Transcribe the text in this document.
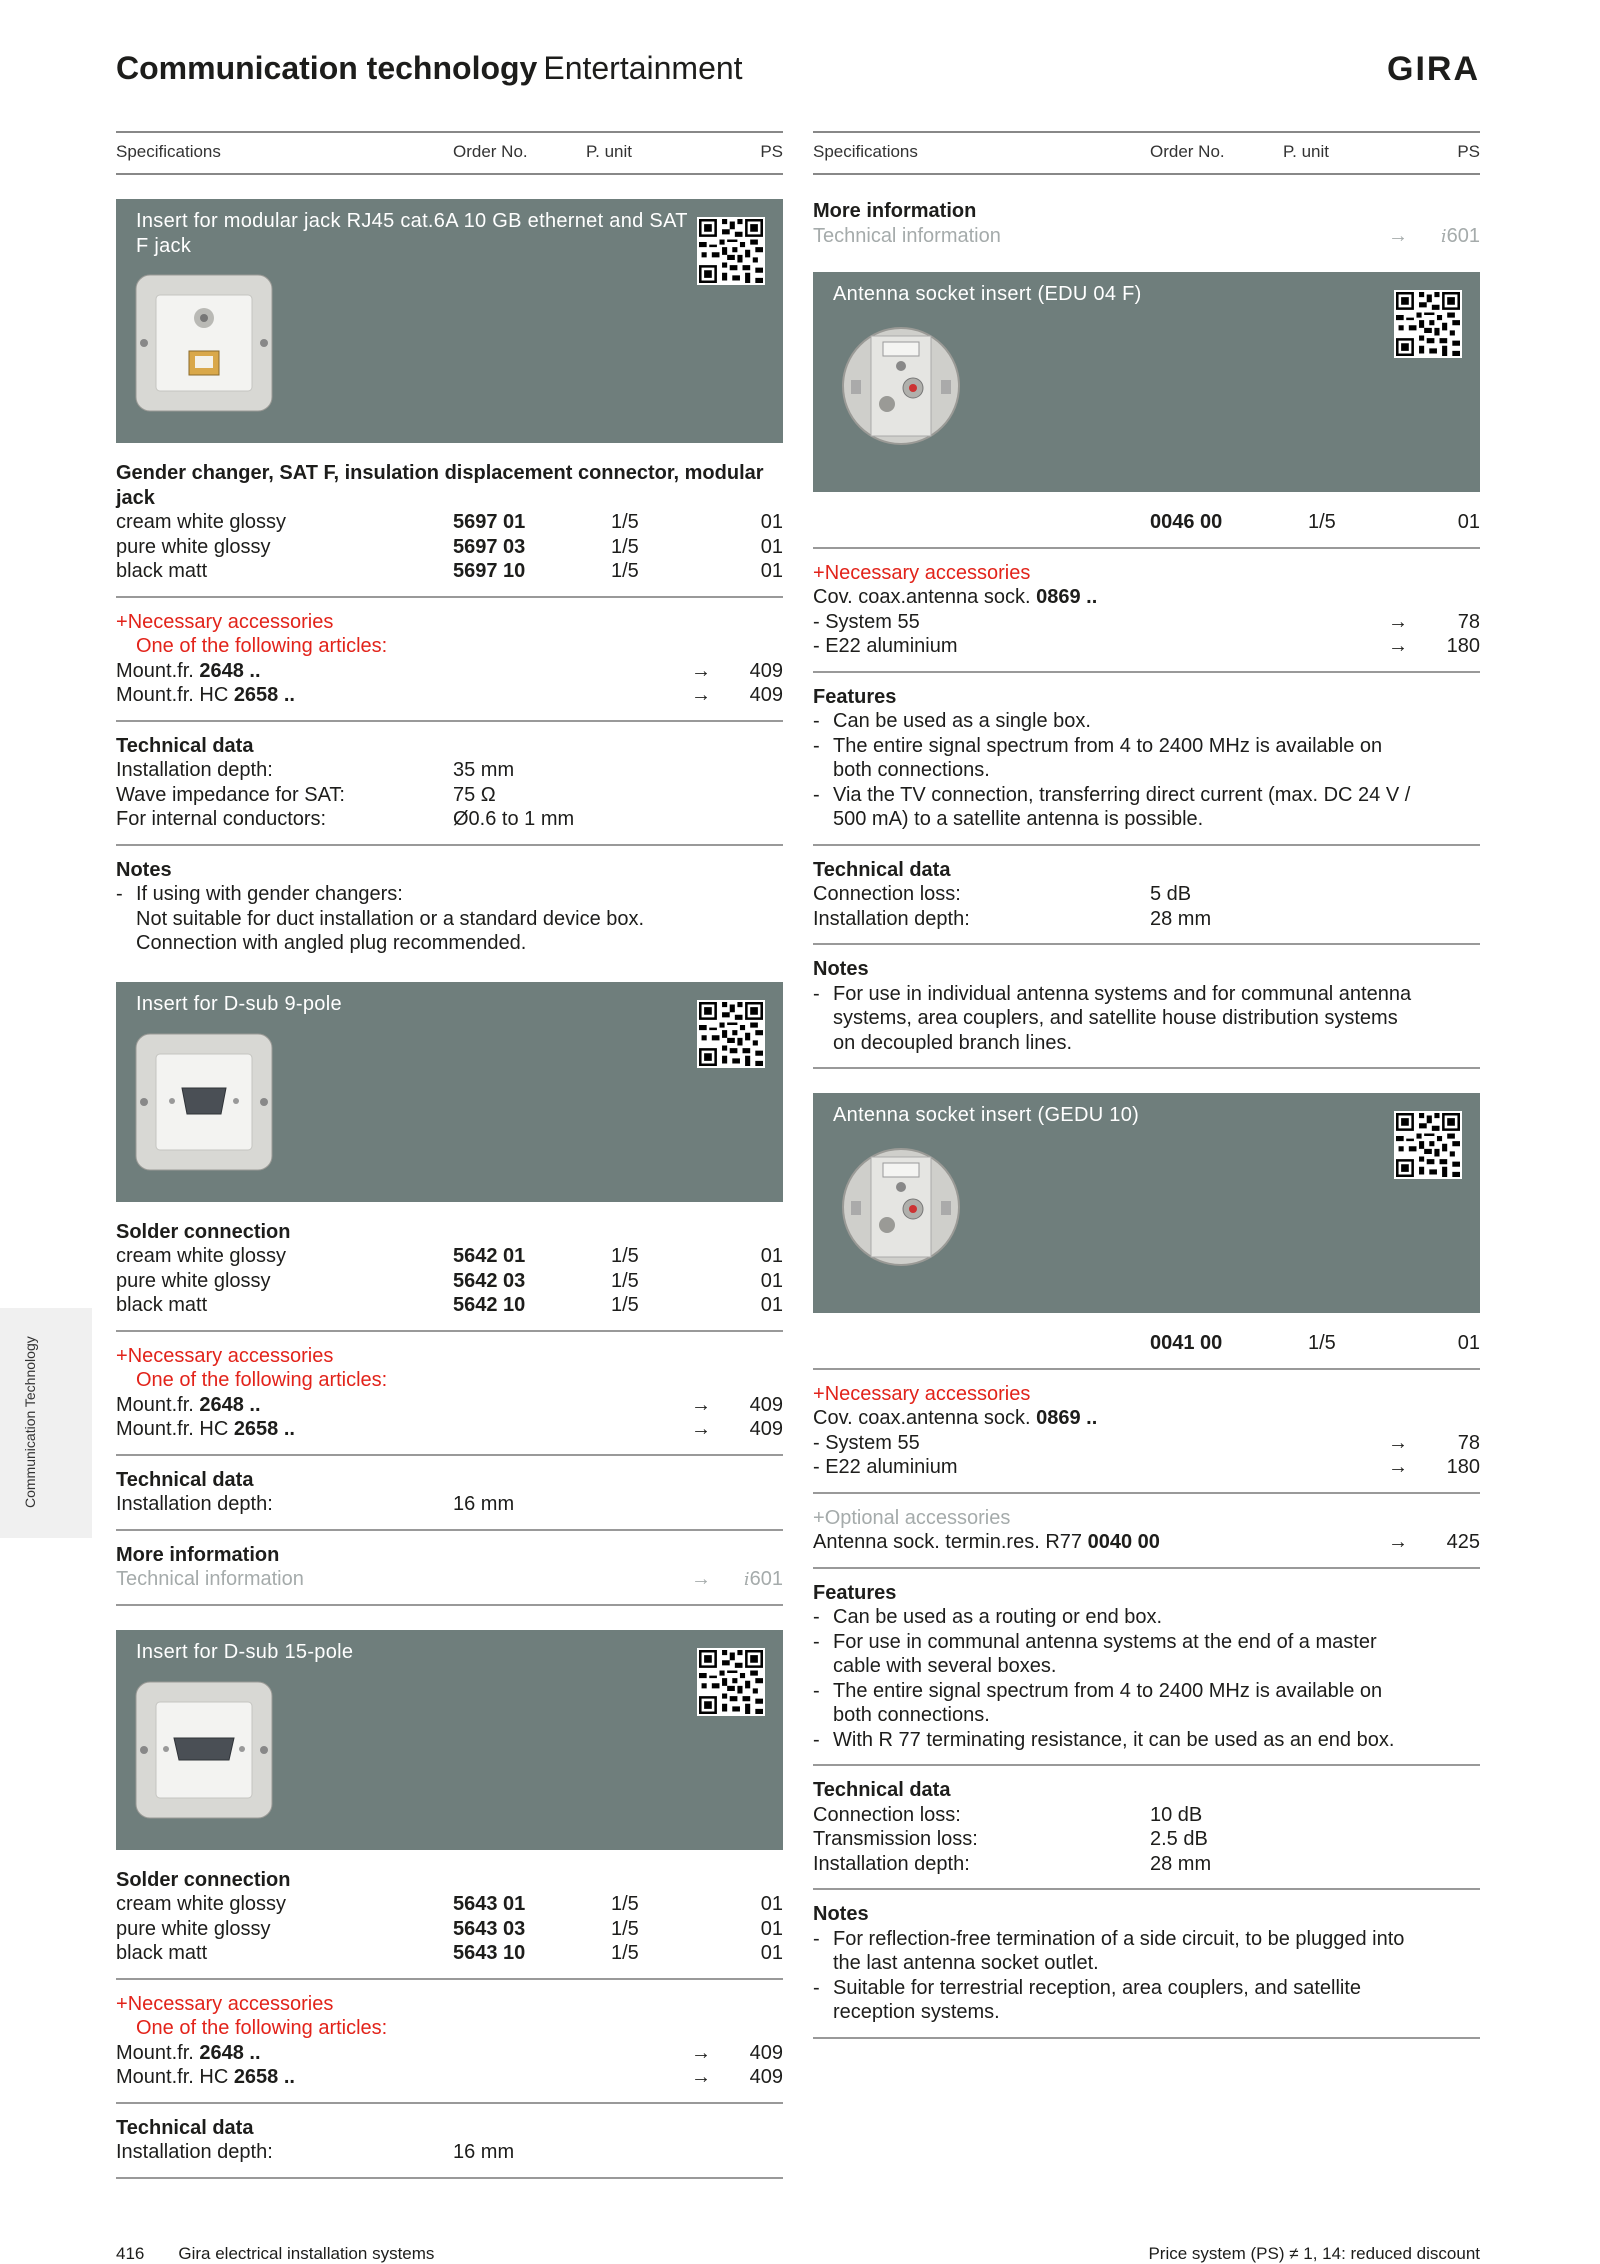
Communication technology Entertainment	GIRA
Specifications	Order No.	P. unit	PS
Insert for modular jack RJ45 cat.6A 10 GB ethernet and SAT F jack
Gender changer, SAT F, insulation displacement connector, modular jack
cream white glossy	5697 01	1/5	01
pure white glossy	5697 03	1/5	01
black matt	5697 10	1/5	01
+Necessary accessories
One of the following articles:
Mount.fr. 2648 ..	→ 409
Mount.fr. HC 2658 ..	→ 409
Technical data
Installation depth:	35 mm
Wave impedance for SAT:	75 Ω
For internal conductors:	Ø0.6 to 1 mm
Notes
- If using with gender changers:
Not suitable for duct installation or a standard device box.
Connection with angled plug recommended.
Insert for D-sub 9-pole
Solder connection
cream white glossy	5642 01	1/5	01
pure white glossy	5642 03	1/5	01
black matt	5642 10	1/5	01
+Necessary accessories
One of the following articles:
Mount.fr. 2648 ..	→ 409
Mount.fr. HC 2658 ..	→ 409
Technical data
Installation depth:	16 mm
More information
Technical information	→ i601
Insert for D-sub 15-pole
Solder connection
cream white glossy	5643 01	1/5	01
pure white glossy	5643 03	1/5	01
black matt	5643 10	1/5	01
+Necessary accessories
One of the following articles:
Mount.fr. 2648 ..	→ 409
Mount.fr. HC 2658 ..	→ 409
Technical data
Installation depth:	16 mm
Specifications	Order No.	P. unit	PS
More information
Technical information	→ i601
Antenna socket insert (EDU 04 F)
0046 00	1/5	01
+Necessary accessories
Cov. coax.antenna sock. 0869 ..
- System 55	→ 78
- E22 aluminium	→ 180
Features
- Can be used as a single box.
- The entire signal spectrum from 4 to 2400 MHz is available on
both connections.
- Via the TV connection, transferring direct current (max. DC 24 V /
500 mA) to a satellite antenna is possible.
Technical data
Connection loss:	5 dB
Installation depth:	28 mm
Notes
- For use in individual antenna systems and for communal antenna
systems, area couplers, and satellite house distribution systems
on decoupled branch lines.
Antenna socket insert (GEDU 10)
0041 00	1/5	01
+Necessary accessories
Cov. coax.antenna sock. 0869 ..
- System 55	→ 78
- E22 aluminium	→ 180
+Optional accessories
Antenna sock. termin.res. R77 0040 00	→ 425
Features
- Can be used as a routing or end box.
- For use in communal antenna systems at the end of a master
cable with several boxes.
- The entire signal spectrum from 4 to 2400 MHz is available on
both connections.
- With R 77 terminating resistance, it can be used as an end box.
Technical data
Connection loss:	10 dB
Transmission loss:	2.5 dB
Installation depth:	28 mm
Notes
- For reflection-free termination of a side circuit, to be plugged into
the last antenna socket outlet.
- Suitable for terrestrial reception, area couplers, and satellite
reception systems.
Communication Technology
416 Gira electrical installation systems	Price system (PS) ≠ 1, 14: reduced discount
